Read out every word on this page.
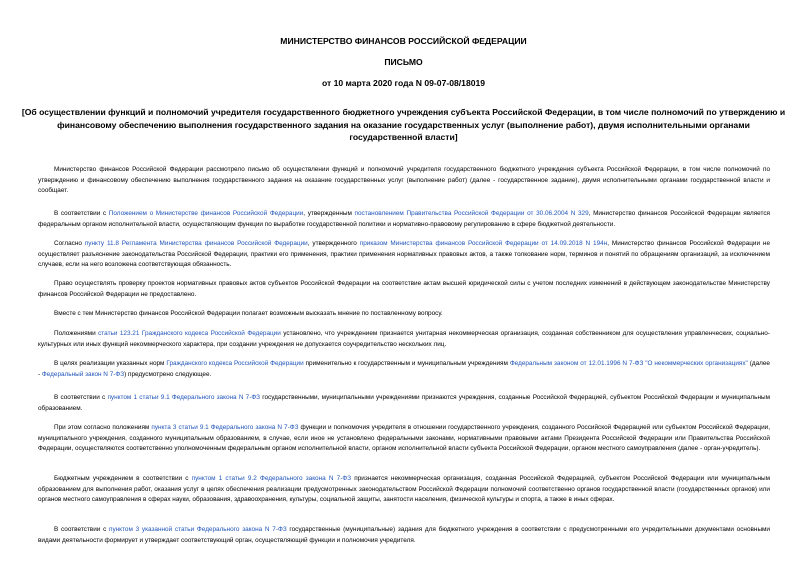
МИНИСТЕРСТВО ФИНАНСОВ РОССИЙСКОЙ ФЕДЕРАЦИИ
ПИСЬМО
от 10 марта 2020 года N 09-07-08/18019
[Об осуществлении функций и полномочий учредителя государственного бюджетного учреждения субъекта Российской Федерации, в том числе полномочий по утверждению и финансовому обеспечению выполнения государственного задания на оказание государственных услуг (выполнение работ), двумя исполнительными органами государственной власти]

Министерство финансов Российской Федерации рассмотрело письмо об осуществлении функций и полномочий учредителя государственного бюджетного учреждения субъекта Российской Федерации, в том числе полномочий по утверждению и финансовому обеспечению выполнения государственного задания на оказание государственных услуг (выполнение работ) (далее - государственное задание), двумя исполнительными органами государственной власти и сообщает.

В соответствии с Положением о Министерстве финансов Российской Федерации, утвержденным постановлением Правительства Российской Федерации от 30.06.2004 N 329, Министерство финансов Российской Федерации является федеральным органом исполнительной власти, осуществляющим функции по выработке государственной политики и нормативно-правовому регулированию в сфере бюджетной деятельности.

Согласно пункту 11.8 Регламента Министерства финансов Российской Федерации, утвержденного приказом Министерства финансов Российской Федерации от 14.09.2018 N 194н, Министерство финансов Российской Федерации не осуществляет разъяснение законодательства Российской Федерации, практики его применения, практики применения нормативных правовых актов, а также толкование норм, терминов и понятий по обращениям организаций, за исключением случаев, если на него возложена соответствующая обязанность.

Право осуществлять проверку проектов нормативных правовых актов субъектов Российской Федерации на соответствие актам высшей юридической силы с учетом последних изменений в действующем законодательстве Министерству финансов Российской Федерации не предоставлено.

Вместе с тем Министерство финансов Российской Федерации полагает возможным высказать мнение по поставленному вопросу.

Положениями статьи 123.21 Гражданского кодекса Российской Федерации установлено, что учреждением признается унитарная некоммерческая организация, созданная собственником для осуществления управленческих, социально-культурных или иных функций некоммерческого характера, при создании учреждения не допускается соучредительство нескольких лиц.

В целях реализации указанных норм Гражданского кодекса Российской Федерации применительно к государственным и муниципальным учреждениям Федеральным законом от 12.01.1996 N 7-ФЗ "О некоммерческих организациях" (далее - Федеральный закон N 7-ФЗ) предусмотрено следующее.

В соответствии с пунктом 1 статьи 9.1 Федерального закона N 7-ФЗ государственными, муниципальными учреждениями признаются учреждения, созданные Российской Федерацией, субъектом Российской Федерации и муниципальным образованием.

При этом согласно положениям пункта 3 статьи 9.1 Федерального закона N 7-ФЗ функции и полномочия учредителя в отношении государственного учреждения, созданного Российской Федерацией или субъектом Российской Федерации, муниципального учреждения, созданного муниципальным образованием, в случае, если иное не установлено федеральными законами, нормативными правовыми актами Президента Российской Федерации или Правительства Российской Федерации, осуществляются соответственно уполномоченным федеральным органом исполнительной власти, органом исполнительной власти субъекта Российской Федерации, органом местного самоуправления (далее - орган-учредитель).

Бюджетным учреждением в соответствии с пунктом 1 статьи 9.2 Федерального закона N 7-ФЗ признается некоммерческая организация, созданная Российской Федерацией, субъектом Российской Федерации или муниципальным образованием для выполнения работ, оказания услуг в целях обеспечения реализации предусмотренных законодательством Российской Федерации полномочий соответственно органов государственной власти (государственных органов) или органов местного самоуправления в сферах науки, образования, здравоохранения, культуры, социальной защиты, занятости населения, физической культуры и спорта, а также в иных сферах.

В соответствии с пунктом 3 указанной статьи Федерального закона N 7-ФЗ государственные (муниципальные) задания для бюджетного учреждения в соответствии с предусмотренными его учредительными документами основными видами деятельности формирует и утверждает соответствующий орган, осуществляющий функции и полномочия учредителя.
